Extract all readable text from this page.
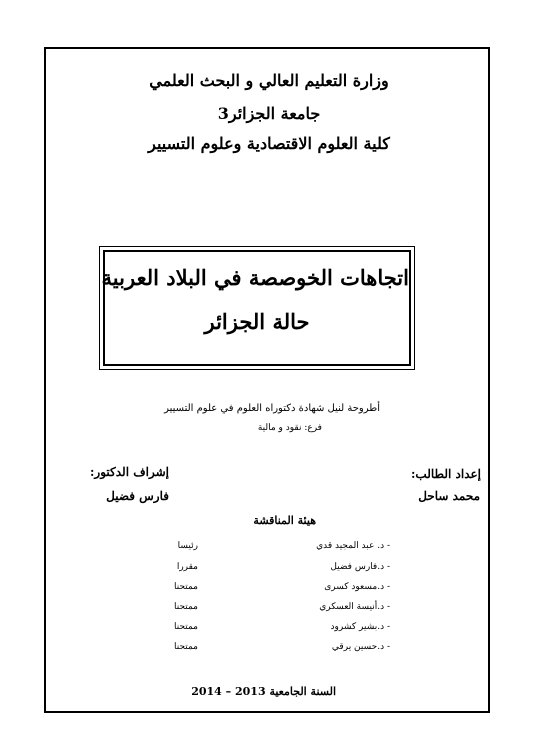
وزارة التعليم العالي و البحث العلمي
جامعة الجزائر3
كلية العلوم الاقتصادية وعلوم التسيير
اتجاهات الخوصصة في البلاد العربية
حالة الجزائر
أطروحة لنيل شهادة دكتوراه العلوم في علوم التسيير
فرع: نقود و مالية
إعداد الطالب:
محمد ساحل
إشراف الدكتور:
فارس فضيل
هيئة المناقشة
- د. عبد المجيد قدي
رئيسا
- د.فارس فضيل
مقررا
- د.مسعود كسرى
ممتحنا
- د.أنيسة العسكري
ممتحنا
- د.بشير كشرود
ممتحنا
- د.حسين يرقي
ممتحنا
السنة الجامعية 2013 – 2014
